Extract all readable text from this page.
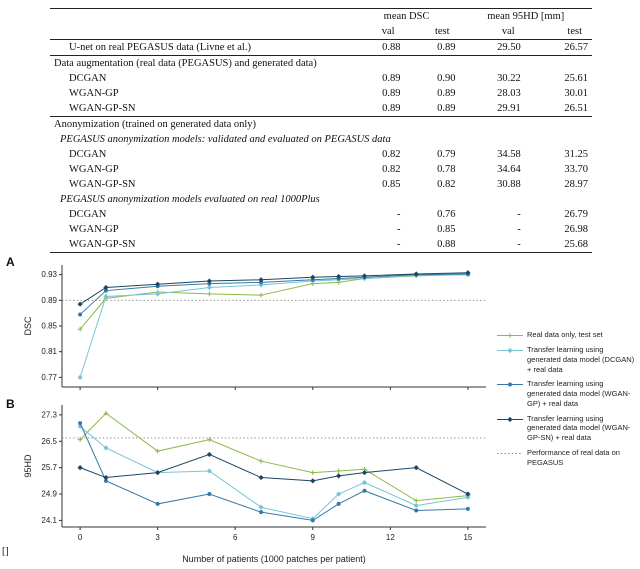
	mean DSC		mean 95HD [mm]	
	val	test	val	test
U-net on real PEGASUS data (Livne et al.)	0.88	0.89	29.50	26.57
Data augmentation (real data (PEGASUS) and generated data)				
DCGAN	0.89	0.90	30.22	25.61
WGAN-GP	0.89	0.89	28.03	30.01
WGAN-GP-SN	0.89	0.89	29.91	26.51
Anonymization (trained on generated data only)				
PEGASUS anonymization models: validated and evaluated on PEGASUS data				
DCGAN	0.82	0.79	34.58	31.25
WGAN-GP	0.82	0.78	34.64	33.70
WGAN-GP-SN	0.85	0.82	30.88	28.97
PEGASUS anonymization models evaluated on real 1000Plus				
DCGAN	-	0.76	-	26.79
WGAN-GP	-	0.85	-	26.98
WGAN-GP-SN	-	0.88	-	25.68
A
0.77
0.81
0.85
0.89
0.93
DSC
B
24.1
24.9
25.7
26.5
27.3
0	3	6	9	12	15
95HD
Number of patients (1000 patches per patient)
Real data only, test set
Transfer learning using generated data model (DCGAN) + real data
Transfer learning using generated data model (WGAN-GP) + real data
Transfer learning using generated data model (WGAN-GP-SN) + real data
Performance of real data on PEGASUS
[]
